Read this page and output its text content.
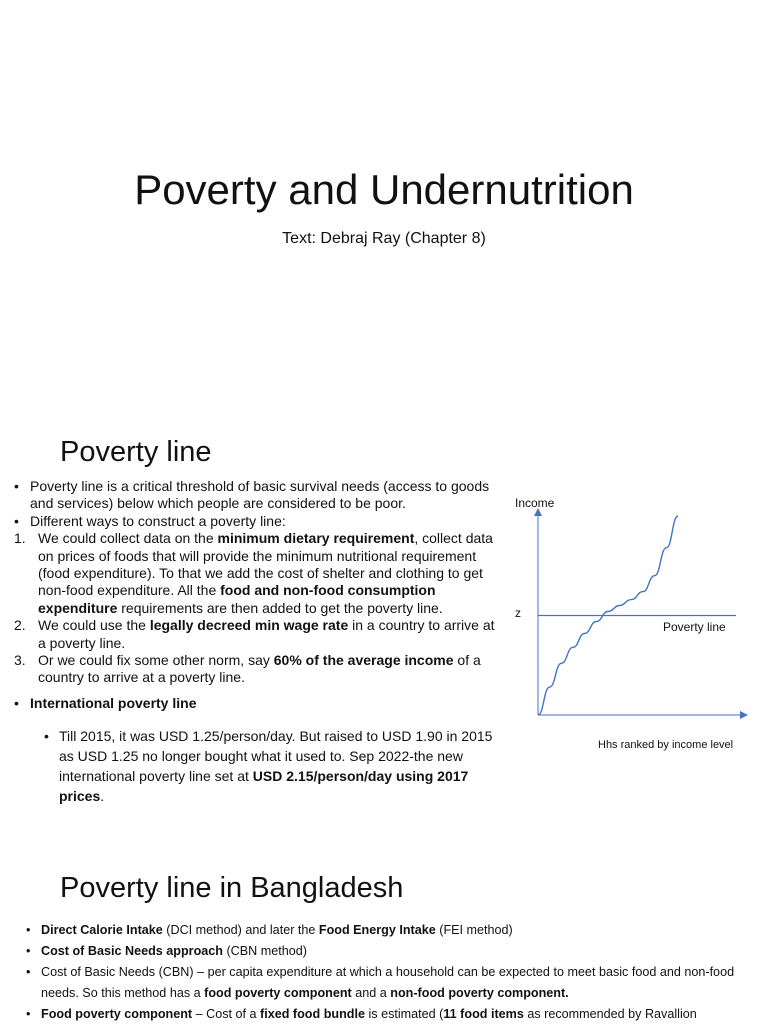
Poverty and Undernutrition
Text: Debraj Ray (Chapter 8)
Poverty line
• Poverty line is a critical threshold of basic survival needs (access to goods and services) below which people are considered to be poor.
• Different ways to construct a poverty line:
1. We could collect data on the minimum dietary requirement, collect data on prices of foods that will provide the minimum nutritional requirement (food expenditure). To that we add the cost of shelter and clothing to get non-food expenditure. All the food and non-food consumption expenditure requirements are then added to get the poverty line.
2. We could use the legally decreed min wage rate in a country to arrive at a poverty line.
3. Or we could fix some other norm, say 60% of the average income of a country to arrive at a poverty line.
• International poverty line
• Till 2015, it was USD 1.25/person/day. But raised to USD 1.90 in 2015 as USD 1.25 no longer bought what it used to. Sep 2022-the new international poverty line set at USD 2.15/person/day using 2017 prices.
Income
z
Poverty line
Hhs ranked by income level
Poverty line in Bangladesh
• Direct Calorie Intake (DCI method) and later the Food Energy Intake (FEI method)
• Cost of Basic Needs approach (CBN method)
• Cost of Basic Needs (CBN) – per capita expenditure at which a household can be expected to meet basic food and non-food needs. So this method has a food poverty component and a non-food poverty component.
• Food poverty component – Cost of a fixed food bundle is estimated (11 food items as recommended by Ravallion
